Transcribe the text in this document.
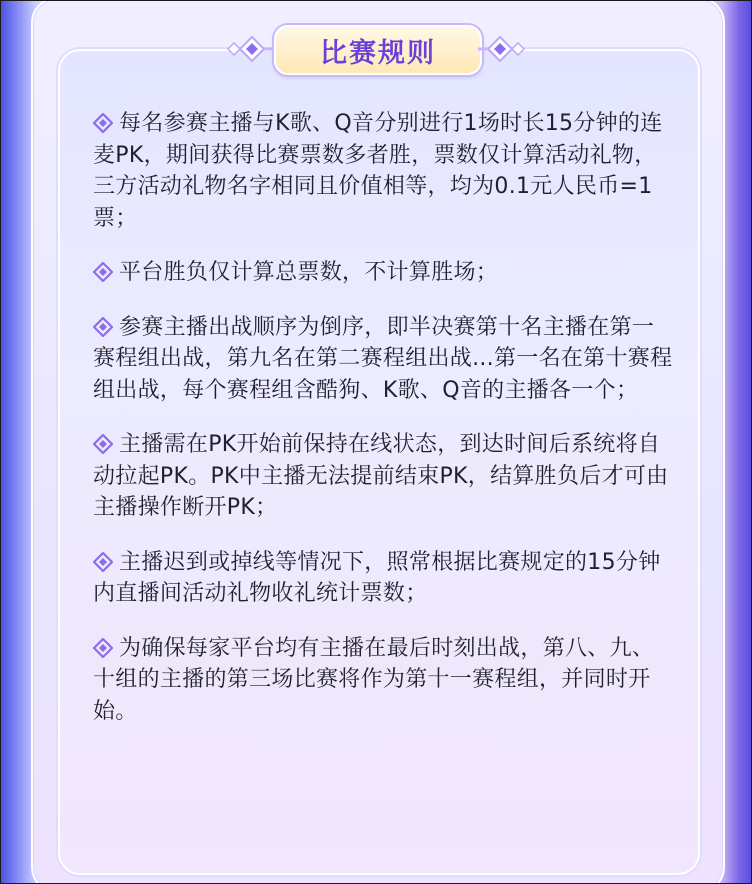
比赛规则
每名参赛主播与K歌、Q音分别进行1场时长15分钟的连麦PK，期间获得比赛票数多者胜，票数仅计算活动礼物，三方活动礼物名字相同且价值相等，均为0.1元人民币=1票；
平台胜负仅计算总票数，不计算胜场；
参赛主播出战顺序为倒序，即半决赛第十名主播在第一赛程组出战，第九名在第二赛程组出战...第一名在第十赛程组出战，每个赛程组含酷狗、K歌、Q音的主播各一个；
主播需在PK开始前保持在线状态，到达时间后系统将自动拉起PK。PK中主播无法提前结束PK，结算胜负后才可由主播操作断开PK；
主播迟到或掉线等情况下，照常根据比赛规定的15分钟内直播间活动礼物收礼统计票数；
为确保每家平台均有主播在最后时刻出战，第八、九、十组的主播的第三场比赛将作为第十一赛程组，并同时开始。
